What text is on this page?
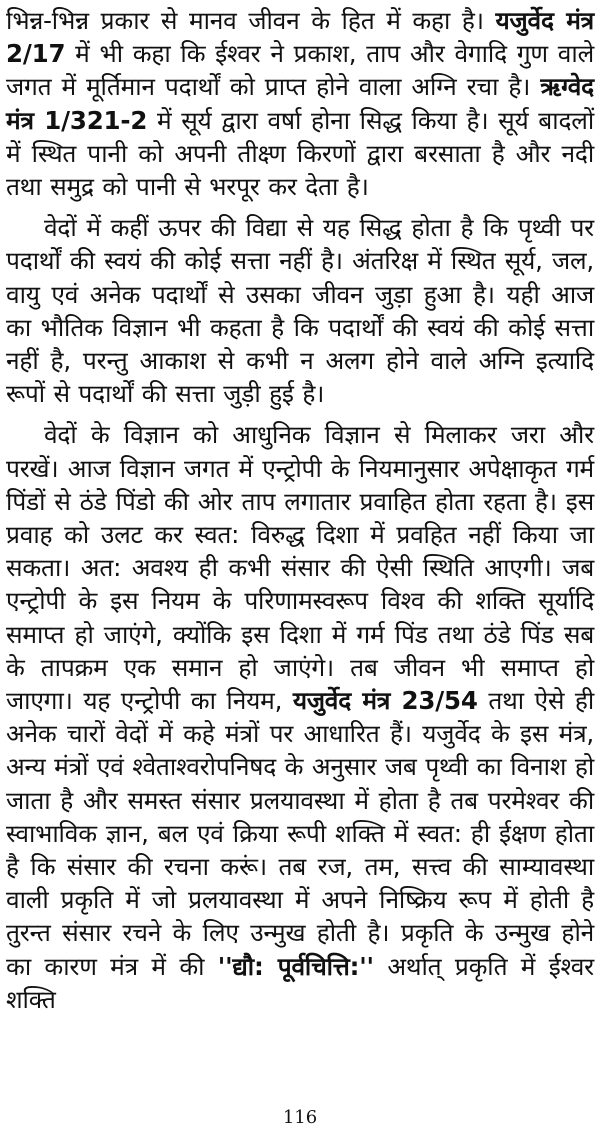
भिन्न-भिन्न प्रकार से मानव जीवन के हित में कहा है। यजुर्वेद मंत्र 2/17 में भी कहा कि ईश्वर ने प्रकाश, ताप और वेगादि गुण वाले जगत में मूर्तिमान पदार्थों को प्राप्त होने वाला अग्नि रचा है। ऋग्वेद मंत्र 1/321-2 में सूर्य द्वारा वर्षा होना सिद्ध किया है। सूर्य बादलों में स्थित पानी को अपनी तीक्ष्ण किरणों द्वारा बरसाता है और नदी तथा समुद्र को पानी से भरपूर कर देता है।

वेदों में कहीं ऊपर की विद्या से यह सिद्ध होता है कि पृथ्वी पर पदार्थों की स्वयं की कोई सत्ता नहीं है। अंतरिक्ष में स्थित सूर्य, जल, वायु एवं अनेक पदार्थों से उसका जीवन जुड़ा हुआ है। यही आज का भौतिक विज्ञान भी कहता है कि पदार्थों की स्वयं की कोई सत्ता नहीं है, परन्तु आकाश से कभी न अलग होने वाले अग्नि इत्यादि रूपों से पदार्थों की सत्ता जुड़ी हुई है।

वेदों के विज्ञान को आधुनिक विज्ञान से मिलाकर जरा और परखें। आज विज्ञान जगत में एन्ट्रोपी के नियमानुसार अपेक्षाकृत गर्म पिंडों से ठंडे पिंडो की ओर ताप लगातार प्रवाहित होता रहता है। इस प्रवाह को उलट कर स्वत: विरुद्ध दिशा में प्रवहित नहीं किया जा सकता। अत: अवश्य ही कभी संसार की ऐसी स्थिति आएगी। जब एन्ट्रोपी के इस नियम के परिणामस्वरूप विश्व की शक्ति सूर्यादि समाप्त हो जाएंगे, क्योंकि इस दिशा में गर्म पिंड तथा ठंडे पिंड सब के तापक्रम एक समान हो जाएंगे। तब जीवन भी समाप्त हो जाएगा। यह एन्ट्रोपी का नियम, यजुर्वेद मंत्र 23/54 तथा ऐसे ही अनेक चारों वेदों में कहे मंत्रों पर आधारित हैं। यजुर्वेद के इस मंत्र, अन्य मंत्रों एवं श्वेताश्वरोपनिषद के अनुसार जब पृथ्वी का विनाश हो जाता है और समस्त संसार प्रलयावस्था में होता है तब परमेश्वर की स्वाभाविक ज्ञान, बल एवं क्रिया रूपी शक्ति में स्वत: ही ईक्षण होता है कि संसार की रचना करूं। तब रज, तम, सत्त्व की साम्यावस्था वाली प्रकृति में जो प्रलयावस्था में अपने निष्क्रिय रूप में होती है तुरन्त संसार रचने के लिए उन्मुख होती है। प्रकृति के उन्मुख होने का कारण मंत्र में की ''द्यौ: पूर्वचित्ति:'' अर्थात् प्रकृति में ईश्वर शक्ति

116
